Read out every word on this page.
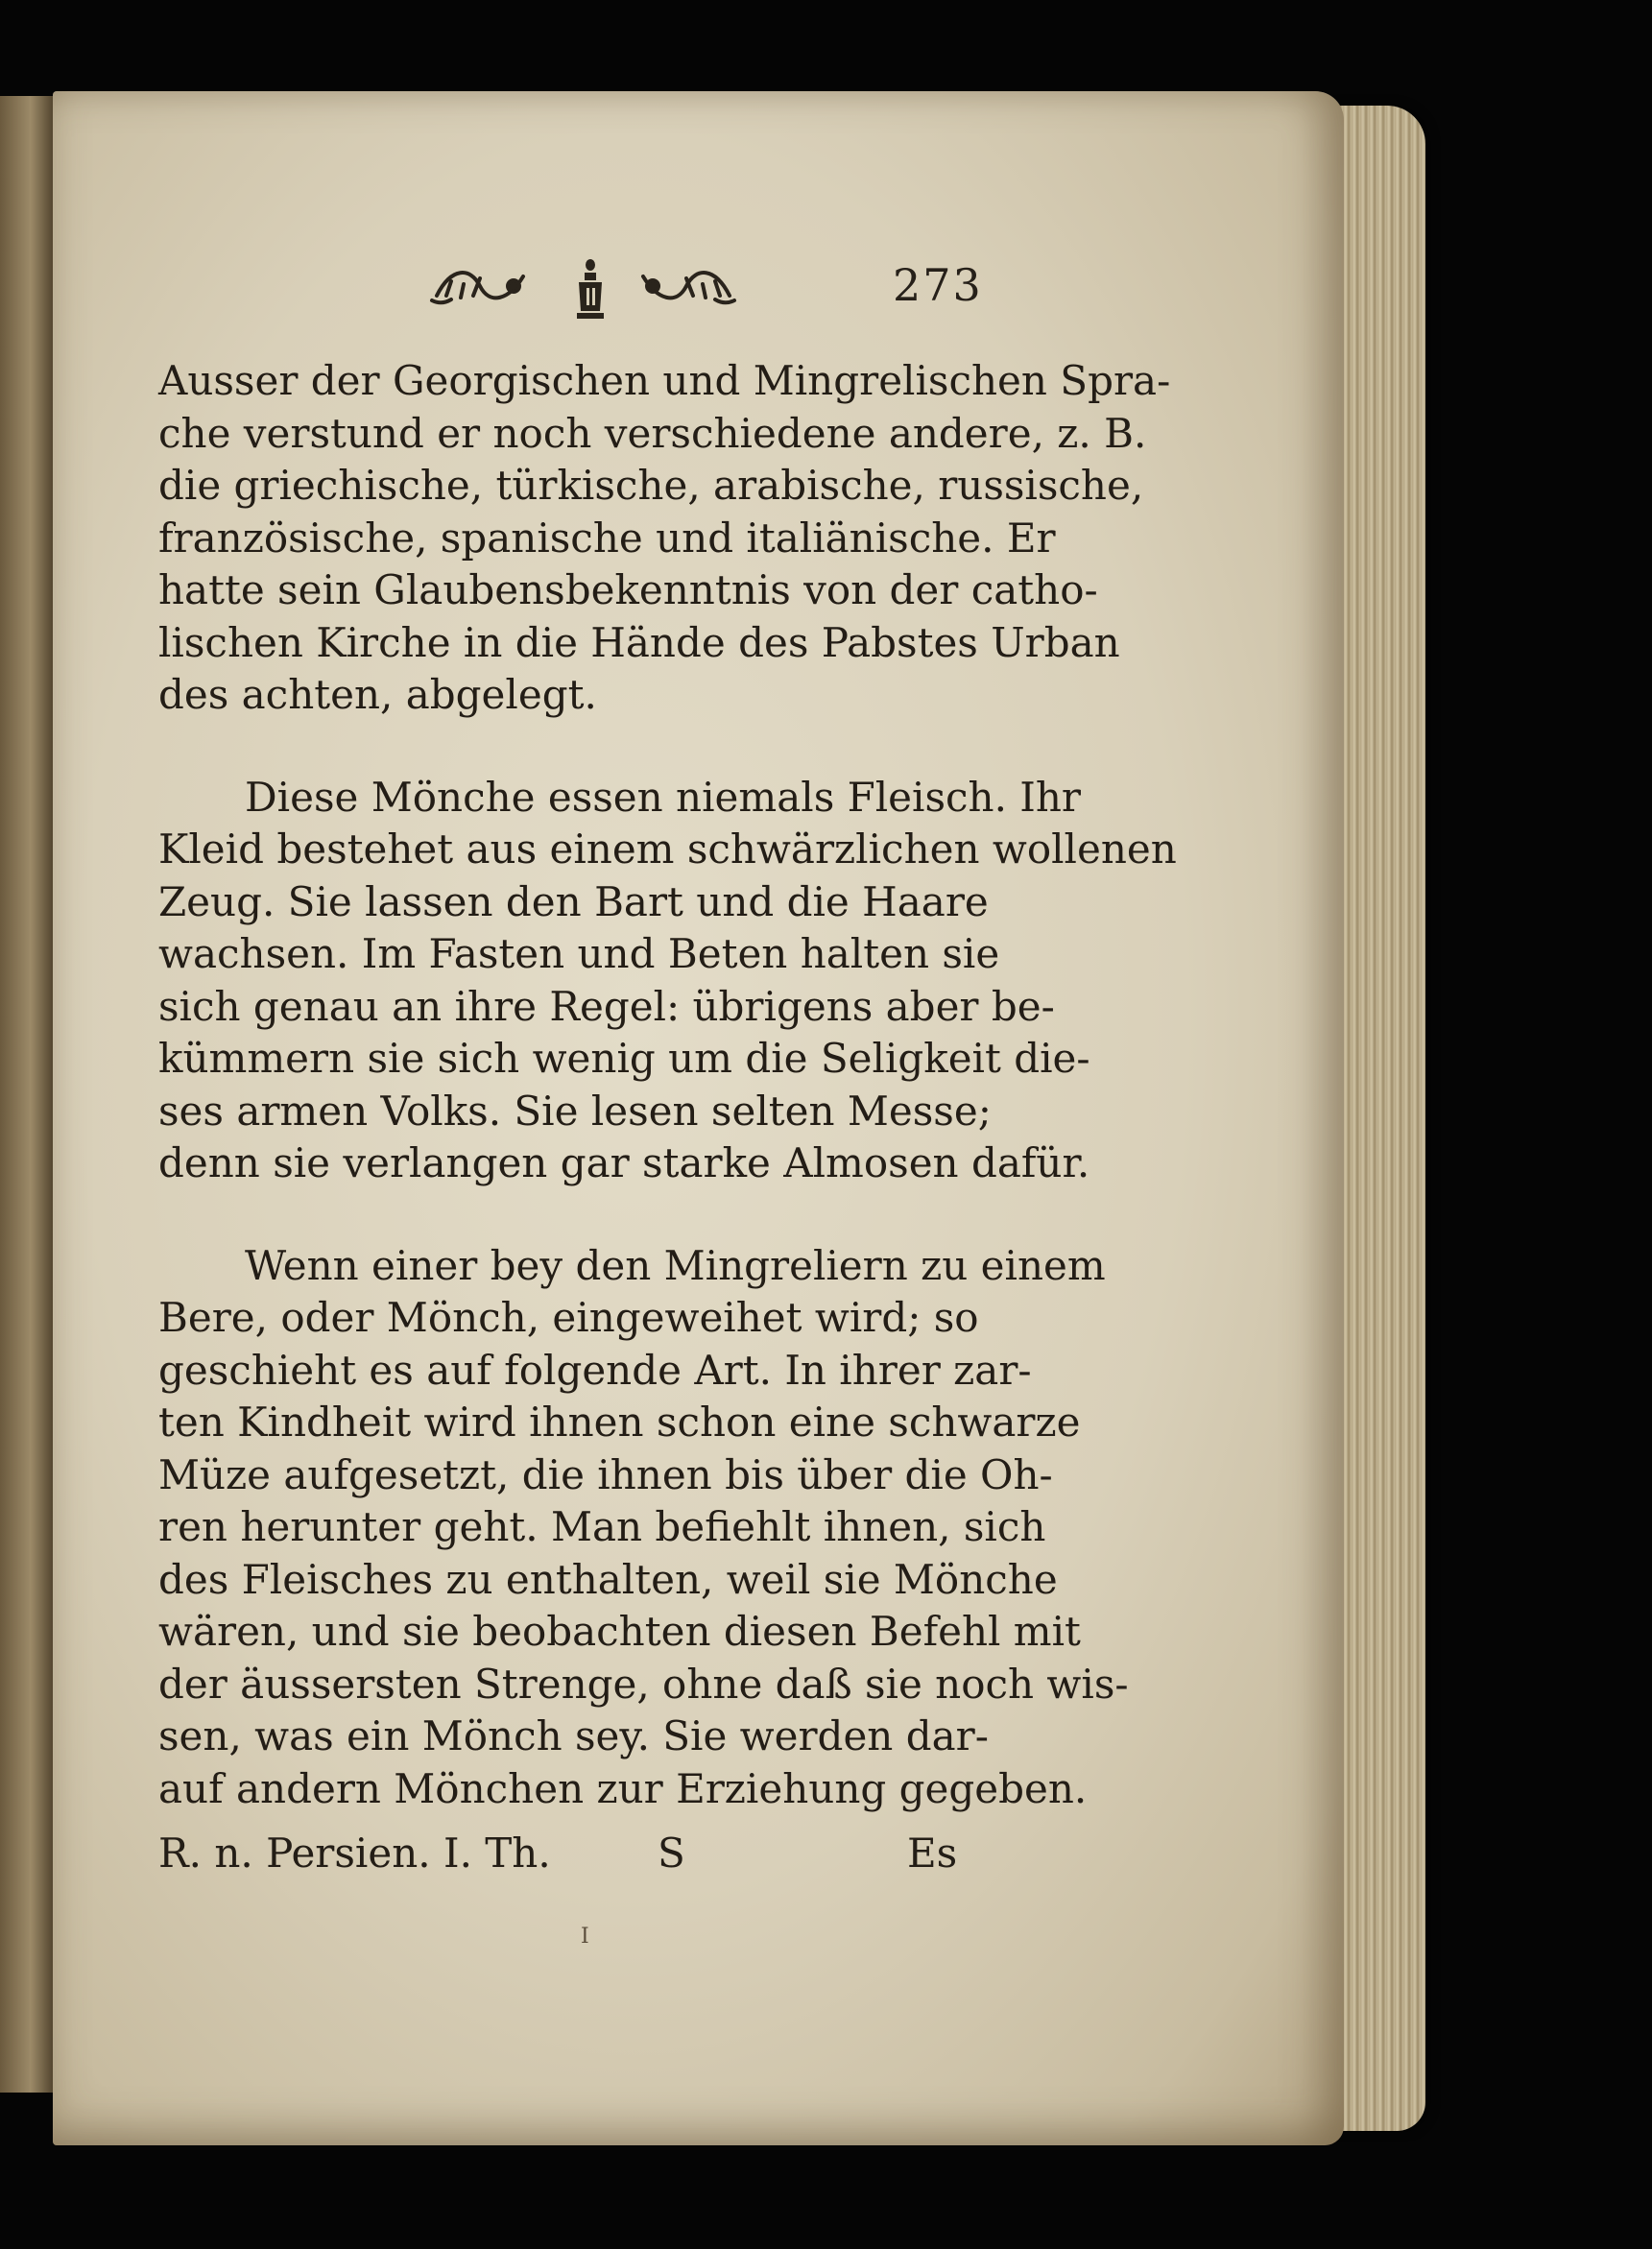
273
Ausser der Georgischen und Mingrelischen Spra-
che verstund er noch verschiedene andere, z. B.
die griechische, türkische, arabische, russische,
französische, spanische und italiänische. Er
hatte sein Glaubensbekenntnis von der catho-
lischen Kirche in die Hände des Pabstes Urban
des achten, abgelegt.
Diese Mönche essen niemals Fleisch. Ihr
Kleid bestehet aus einem schwärzlichen wollenen
Zeug. Sie lassen den Bart und die Haare
wachsen. Im Fasten und Beten halten sie
sich genau an ihre Regel: übrigens aber be-
kümmern sie sich wenig um die Seligkeit die-
ses armen Volks. Sie lesen selten Messe;
denn sie verlangen gar starke Almosen dafür.
Wenn einer bey den Mingreliern zu einem
Bere, oder Mönch, eingeweihet wird; so
geschieht es auf folgende Art. In ihrer zar-
ten Kindheit wird ihnen schon eine schwarze
Müze aufgesetzt, die ihnen bis über die Oh-
ren herunter geht. Man befiehlt ihnen, sich
des Fleisches zu enthalten, weil sie Mönche
wären, und sie beobachten diesen Befehl mit
der äussersten Strenge, ohne daß sie noch wis-
sen, was ein Mönch sey. Sie werden dar-
auf andern Mönchen zur Erziehung gegeben.
R. n. Persien. I. Th.	S	Es
I
